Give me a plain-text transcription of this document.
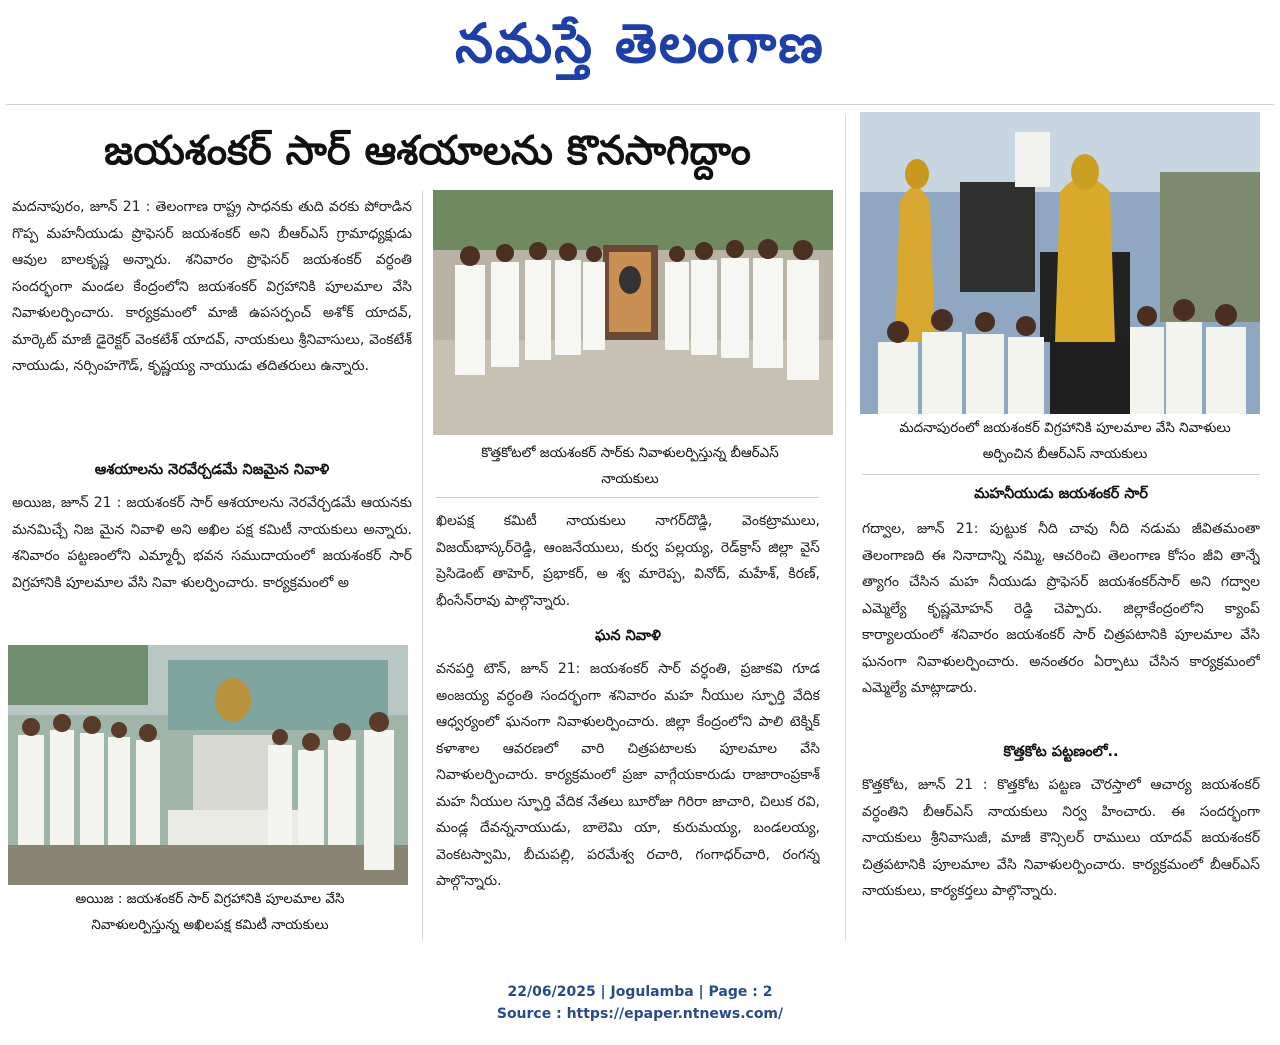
నమస్తే తెలంగాణ
జయశంకర్ సార్ ఆశయాలను కొనసాగిద్దాం
మదనాపురం, జూన్ 21 : తెలంగాణ రాష్ట్ర సాధనకు తుది వరకు పోరాడిన గొప్ప మహనీయుడు ప్రొఫెసర్ జయశంకర్ అని బీఆర్ఎస్ గ్రామాధ్యక్షుడు ఆవుల బాలకృష్ణ అన్నారు. శనివారం ప్రొఫెసర్ జయశంకర్ వర్ధంతి సందర్భంగా మండల కేంద్రంలోని జయశంకర్ విగ్రహానికి పూలమాల వేసి నివాళులర్పించారు. కార్యక్రమంలో మాజీ ఉపసర్పంచ్ అశోక్ యాదవ్, మార్కెట్ మాజీ డైరెక్టర్ వెంకటేశ్ యాదవ్, నాయకులు శ్రీనివాసులు, వెంకటేశ్ నాయుడు, నర్సింహగౌడ్, కృష్ణయ్య నాయుడు తదితరులు ఉన్నారు.
ఆశయాలను నెరవేర్చడమే నిజమైన నివాళి
అయిజ, జూన్ 21 : జయశంకర్ సార్ ఆశయాలను నెరవేర్చడమే ఆయనకు మనమిచ్చే నిజ మైన నివాళి అని అఖిల పక్ష కమిటీ నాయకులు అన్నారు. శనివారం పట్టణంలోని ఎమ్మార్పీ భవన సముదాయంలో జయశంకర్ సార్ విగ్రహానికి పూలమాల వేసి నివా ళులర్పించారు. కార్యక్రమంలో అ
అయిజ : జయశంకర్ సార్ విగ్రహానికి పూలమాల వేసి నివాళులర్పిస్తున్న అఖిలపక్ష కమిటీ నాయకులు
కొత్తకోటలో జయశంకర్ సార్‌కు నివాళులర్పిస్తున్న బీఆర్ఎస్ నాయకులు
ఖిలపక్ష కమిటీ నాయకులు నాగర్‌దొడ్డి, వెంకట్రాములు, విజయ్‌భాస్కర్‌రెడ్డి, ఆంజనేయులు, కుర్వ పల్లయ్య, రెడ్‌క్రాస్ జిల్లా వైస్ ప్రెసిడెంట్ తాహెర్, ప్రభాకర్, అ శ్వ మారెప్ప, వినోద్, మహేశ్, కిరణ్, భీంసేన్‌రావు పాల్గొన్నారు.
ఘన నివాళి
వనపర్తి టౌన్, జూన్ 21: జయశంకర్ సార్ వర్ధంతి, ప్రజాకవి గూడ అంజయ్య వర్ధంతి సందర్భంగా శనివారం మహ నీయుల స్ఫూర్తి వేదిక ఆధ్వర్యంలో ఘనంగా నివాళులర్పించారు. జిల్లా కేంద్రంలోని పాలి టెక్నిక్ కళాశాల ఆవరణలో వారి చిత్రపటాలకు పూలమాల వేసి నివాళులర్పించారు. కార్యక్రమంలో ప్రజా వాగ్గేయకారుడు రాజారాంప్రకాశ్ మహ నీయుల స్ఫూర్తి వేదిక నేతలు బూరోజు గిరిరా జాచారి, చిలుక రవి, మండ్ల దేవన్ననాయుడు, బాలెమి యా, కురుమయ్య, బండలయ్య, వెంకటస్వామి, బీచుపల్లి, పరమేశ్వ రచారి, గంగాధర్‌చారి, రంగన్న పాల్గొన్నారు.
మదనాపురంలో జయశంకర్ విగ్రహానికి పూలమాల వేసి నివాళులు అర్పించిన బీఆర్ఎస్ నాయకులు
మహనీయుడు జయశంకర్ సార్
గద్వాల, జూన్ 21: పుట్టుక నీది చావు నీది నడుమ జీవితమంతా తెలంగాణది ఈ నినాదాన్ని నమ్మి, ఆచరించి తెలంగాణ కోసం జీవి తాన్నే త్యాగం చేసిన మహ నీయుడు ప్రొఫెసర్ జయశంకర్‌సార్ అని గద్వాల ఎమ్మెల్యే కృష్ణమోహన్ రెడ్డి చెప్పారు. జిల్లాకేంద్రంలోని క్యాంప్ కార్యాలయంలో శనివారం జయశంకర్ సార్ చిత్రపటానికి పూలమాల వేసి ఘనంగా నివాళులర్పించారు. అనంతరం ఏర్పాటు చేసిన కార్యక్రమంలో ఎమ్మెల్యే మాట్లాడారు.
కొత్తకోట పట్టణంలో..
కొత్తకోట, జూన్ 21 : కొత్తకోట పట్టణ చౌరస్తాలో ఆచార్య జయశంకర్ వర్ధంతిని బీఆర్ఎస్ నాయకులు నిర్వ హించారు. ఈ సందర్భంగా నాయకులు శ్రీనివాసుజీ, మాజీ కౌన్సిలర్ రాములు యాదవ్ జయశంకర్ చిత్రపటానికి పూలమాల వేసి నివాళులర్పించారు. కార్యక్రమంలో బీఆర్ఎస్ నాయకులు, కార్యకర్తలు పాల్గొన్నారు.
22/06/2025 | Jogulamba | Page : 2
Source : https://epaper.ntnews.com/
